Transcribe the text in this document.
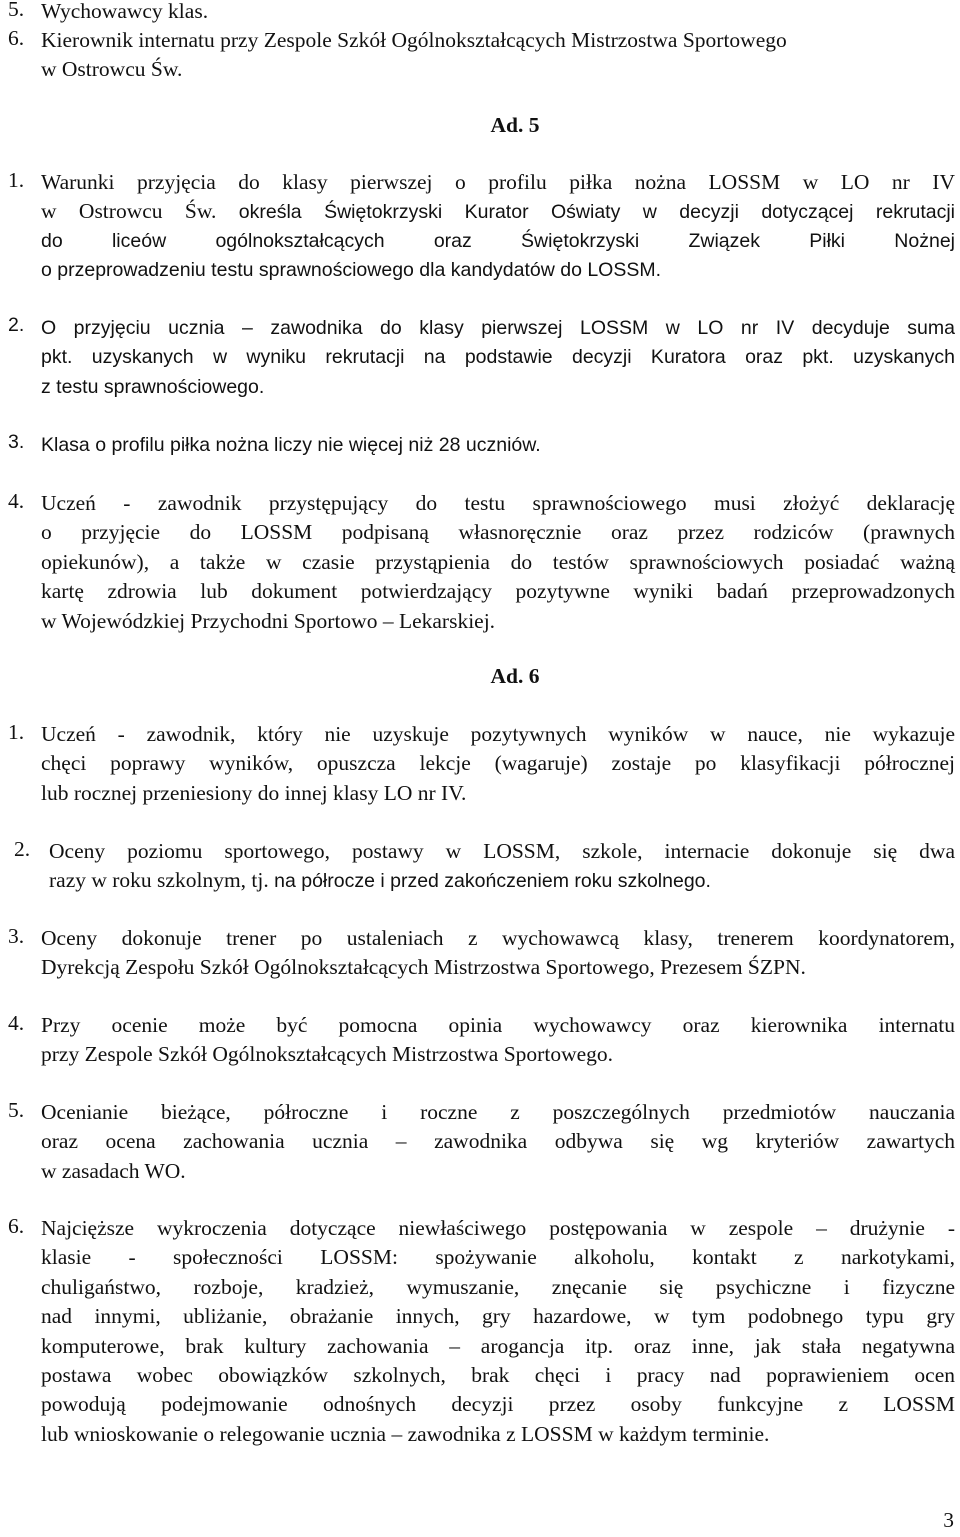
5. Wychowawcy klas.
6. Kierownik internatu przy Zespole Szkół Ogólnokształcących Mistrzostwa Sportowego
w Ostrowcu Św.
Ad. 5
1. Warunki przyjęcia do klasy pierwszej o profilu piłka nożna LOSSM w LO nr IV
w Ostrowcu Św. określa Świętokrzyski Kurator Oświaty w decyzji dotyczącej rekrutacji
do liceów ogólnokształcących oraz Świętokrzyski Związek Piłki Nożnej
o przeprowadzeniu testu sprawnościowego dla kandydatów do LOSSM.
2. O przyjęciu ucznia – zawodnika do klasy pierwszej LOSSM w LO nr IV decyduje suma
pkt. uzyskanych w wyniku rekrutacji na podstawie decyzji Kuratora oraz pkt. uzyskanych
z testu sprawnościowego.
3. Klasa o profilu piłka nożna liczy nie więcej niż 28 uczniów.
4. Uczeń - zawodnik przystępujący do testu sprawnościowego musi złożyć deklarację
o przyjęcie do LOSSM podpisaną własnoręcznie oraz przez rodziców (prawnych
opiekunów), a także w czasie przystąpienia do testów sprawnościowych posiadać ważną
kartę zdrowia lub dokument potwierdzający pozytywne wyniki badań przeprowadzonych
w Wojewódzkiej Przychodni Sportowo – Lekarskiej.
Ad. 6
1. Uczeń - zawodnik, który nie uzyskuje pozytywnych wyników w nauce, nie wykazuje
chęci poprawy wyników, opuszcza lekcje (wagaruje) zostaje po klasyfikacji półrocznej
lub rocznej przeniesiony do innej klasy LO nr IV.
2. Oceny poziomu sportowego, postawy w LOSSM, szkole, internacie dokonuje się dwa
razy w roku szkolnym, tj. na półrocze i przed zakończeniem roku szkolnego.
3. Oceny dokonuje trener po ustaleniach z wychowawcą klasy, trenerem koordynatorem,
Dyrekcją Zespołu Szkół Ogólnokształcących Mistrzostwa Sportowego, Prezesem ŚZPN.
4. Przy ocenie może być pomocna opinia wychowawcy oraz kierownika internatu
przy Zespole Szkół Ogólnokształcących Mistrzostwa Sportowego.
5. Ocenianie bieżące, półroczne i roczne z poszczególnych przedmiotów nauczania
oraz ocena zachowania ucznia – zawodnika odbywa się wg kryteriów zawartych
w zasadach WO.
6. Najcięższe wykroczenia dotyczące niewłaściwego postępowania w zespole – drużynie -
klasie - społeczności LOSSM: spożywanie alkoholu, kontakt z narkotykami,
chuligaństwo, rozboje, kradzież, wymuszanie, znęcanie się psychiczne i fizyczne
nad innymi, ubliżanie, obrażanie innych, gry hazardowe, w tym podobnego typu gry
komputerowe, brak kultury zachowania – arogancja itp. oraz inne, jak stała negatywna
postawa wobec obowiązków szkolnych, brak chęci i pracy nad poprawieniem ocen
powodują podejmowanie odnośnych decyzji przez osoby funkcyjne z LOSSM
lub wnioskowanie o relegowanie ucznia – zawodnika z LOSSM w każdym terminie.
3
